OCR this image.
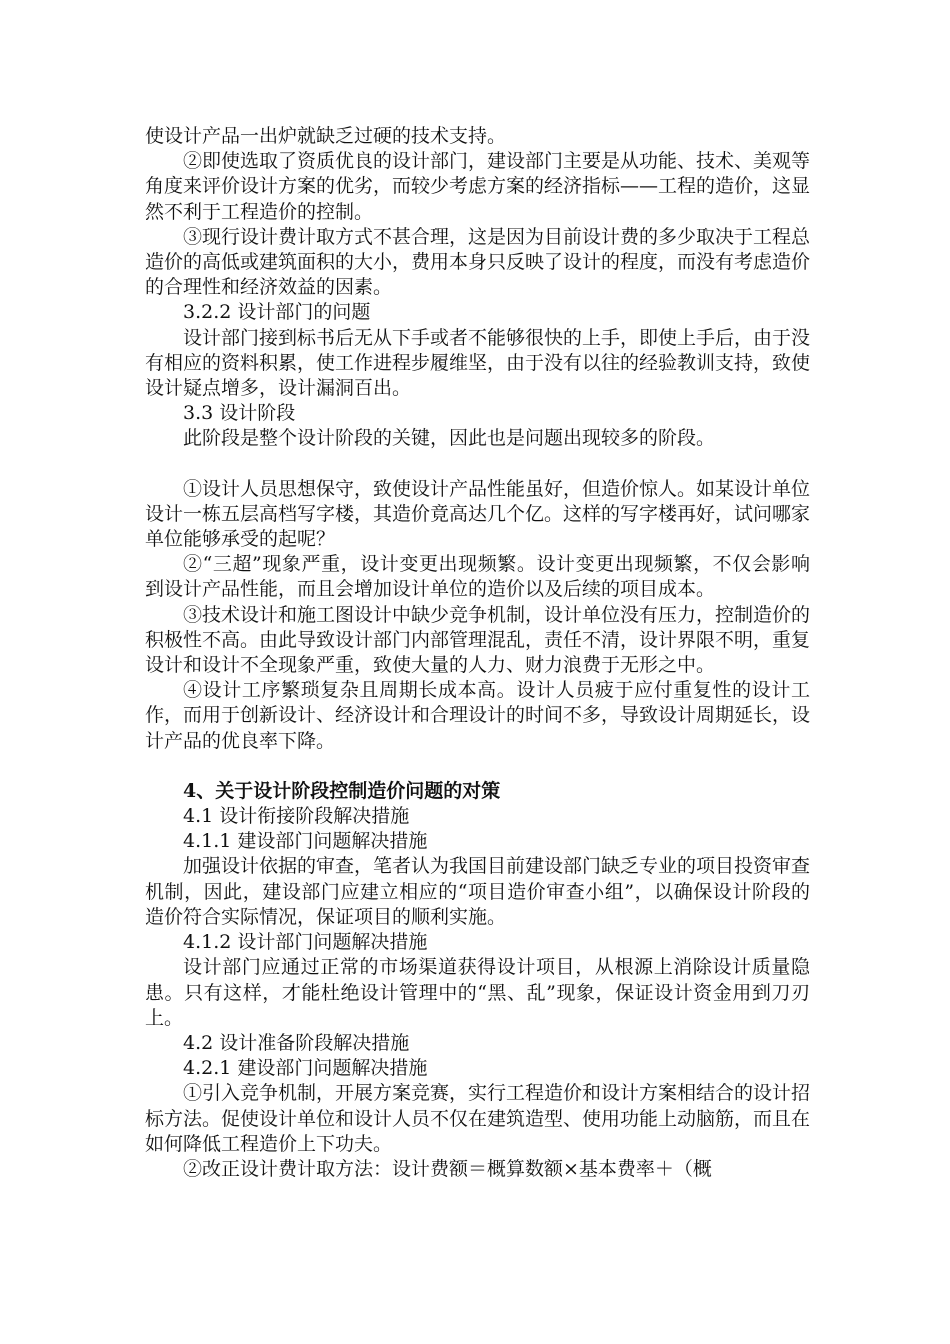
使设计产品一出炉就缺乏过硬的技术支持。

②即使选取了资质优良的设计部门，建设部门主要是从功能、技术、美观等角度来评价设计方案的优劣，而较少考虑方案的经济指标——工程的造价，这显然不利于工程造价的控制。

③现行设计费计取方式不甚合理，这是因为目前设计费的多少取决于工程总造价的高低或建筑面积的大小，费用本身只反映了设计的程度，而没有考虑造价的合理性和经济效益的因素。

3.2.2 设计部门的问题

设计部门接到标书后无从下手或者不能够很快的上手，即使上手后，由于没有相应的资料积累，使工作进程步履维坚，由于没有以往的经验教训支持，致使设计疑点增多，设计漏洞百出。

3.3 设计阶段

此阶段是整个设计阶段的关键，因此也是问题出现较多的阶段。

①设计人员思想保守，致使设计产品性能虽好，但造价惊人。如某设计单位设计一栋五层高档写字楼，其造价竟高达几个亿。这样的写字楼再好，试问哪家单位能够承受的起呢？

②“三超”现象严重，设计变更出现频繁。设计变更出现频繁，不仅会影响到设计产品性能，而且会增加设计单位的造价以及后续的项目成本。

③技术设计和施工图设计中缺少竞争机制，设计单位没有压力，控制造价的积极性不高。由此导致设计部门内部管理混乱，责任不清，设计界限不明，重复设计和设计不全现象严重，致使大量的人力、财力浪费于无形之中。

④设计工序繁琐复杂且周期长成本高。设计人员疲于应付重复性的设计工作，而用于创新设计、经济设计和合理设计的时间不多，导致设计周期延长，设计产品的优良率下降。

4、关于设计阶段控制造价问题的对策

4.1 设计衔接阶段解决措施

4.1.1 建设部门问题解决措施

加强设计依据的审查，笔者认为我国目前建设部门缺乏专业的项目投资审查机制，因此，建设部门应建立相应的“项目造价审查小组”，以确保设计阶段的造价符合实际情况，保证项目的顺利实施。

4.1.2 设计部门问题解决措施

设计部门应通过正常的市场渠道获得设计项目，从根源上消除设计质量隐患。只有这样，才能杜绝设计管理中的“黑、乱”现象，保证设计资金用到刀刃上。

4.2 设计准备阶段解决措施

4.2.1 建设部门问题解决措施

①引入竞争机制，开展方案竞赛，实行工程造价和设计方案相结合的设计招标方法。促使设计单位和设计人员不仅在建筑造型、使用功能上动脑筋，而且在如何降低工程造价上下功夫。

②改正设计费计取方法：设计费额＝概算数额×基本费率＋（概
